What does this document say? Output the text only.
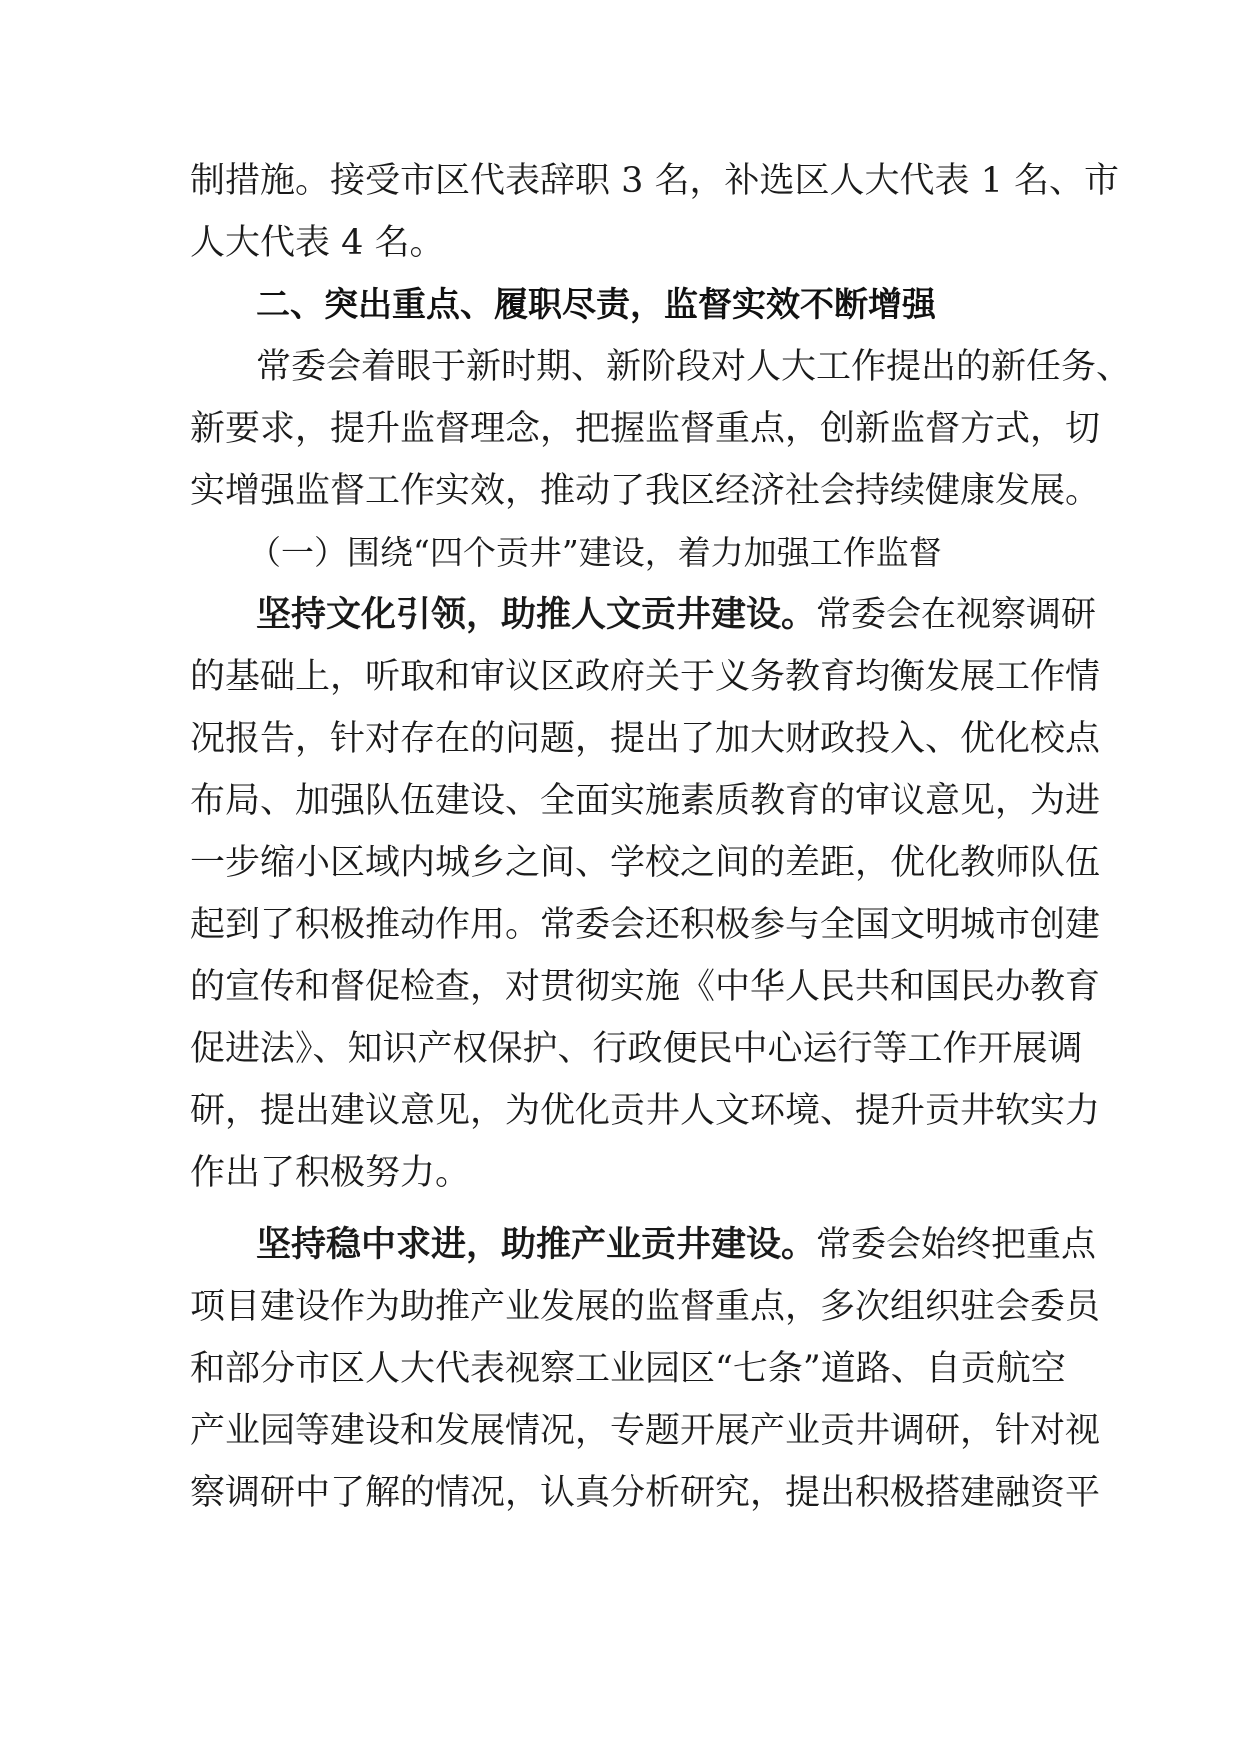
制措施。接受市区代表辞职 3 名，补选区人大代表 1 名、市
人大代表 4 名。
二、突出重点、履职尽责，监督实效不断增强
常委会着眼于新时期、新阶段对人大工作提出的新任务、
新要求，提升监督理念，把握监督重点，创新监督方式，切
实增强监督工作实效，推动了我区经济社会持续健康发展。
（一）围绕“四个贡井”建设，着力加强工作监督
坚持文化引领，助推人文贡井建设。常委会在视察调研
的基础上，听取和审议区政府关于义务教育均衡发展工作情
况报告，针对存在的问题，提出了加大财政投入、优化校点
布局、加强队伍建设、全面实施素质教育的审议意见，为进
一步缩小区域内城乡之间、学校之间的差距，优化教师队伍
起到了积极推动作用。常委会还积极参与全国文明城市创建
的宣传和督促检查，对贯彻实施《中华人民共和国民办教育
促进法》、知识产权保护、行政便民中心运行等工作开展调
研，提出建议意见，为优化贡井人文环境、提升贡井软实力
作出了积极努力。
坚持稳中求进，助推产业贡井建设。常委会始终把重点
项目建设作为助推产业发展的监督重点，多次组织驻会委员
和部分市区人大代表视察工业园区“七条”道路、自贡航空
产业园等建设和发展情况，专题开展产业贡井调研，针对视
察调研中了解的情况，认真分析研究，提出积极搭建融资平
